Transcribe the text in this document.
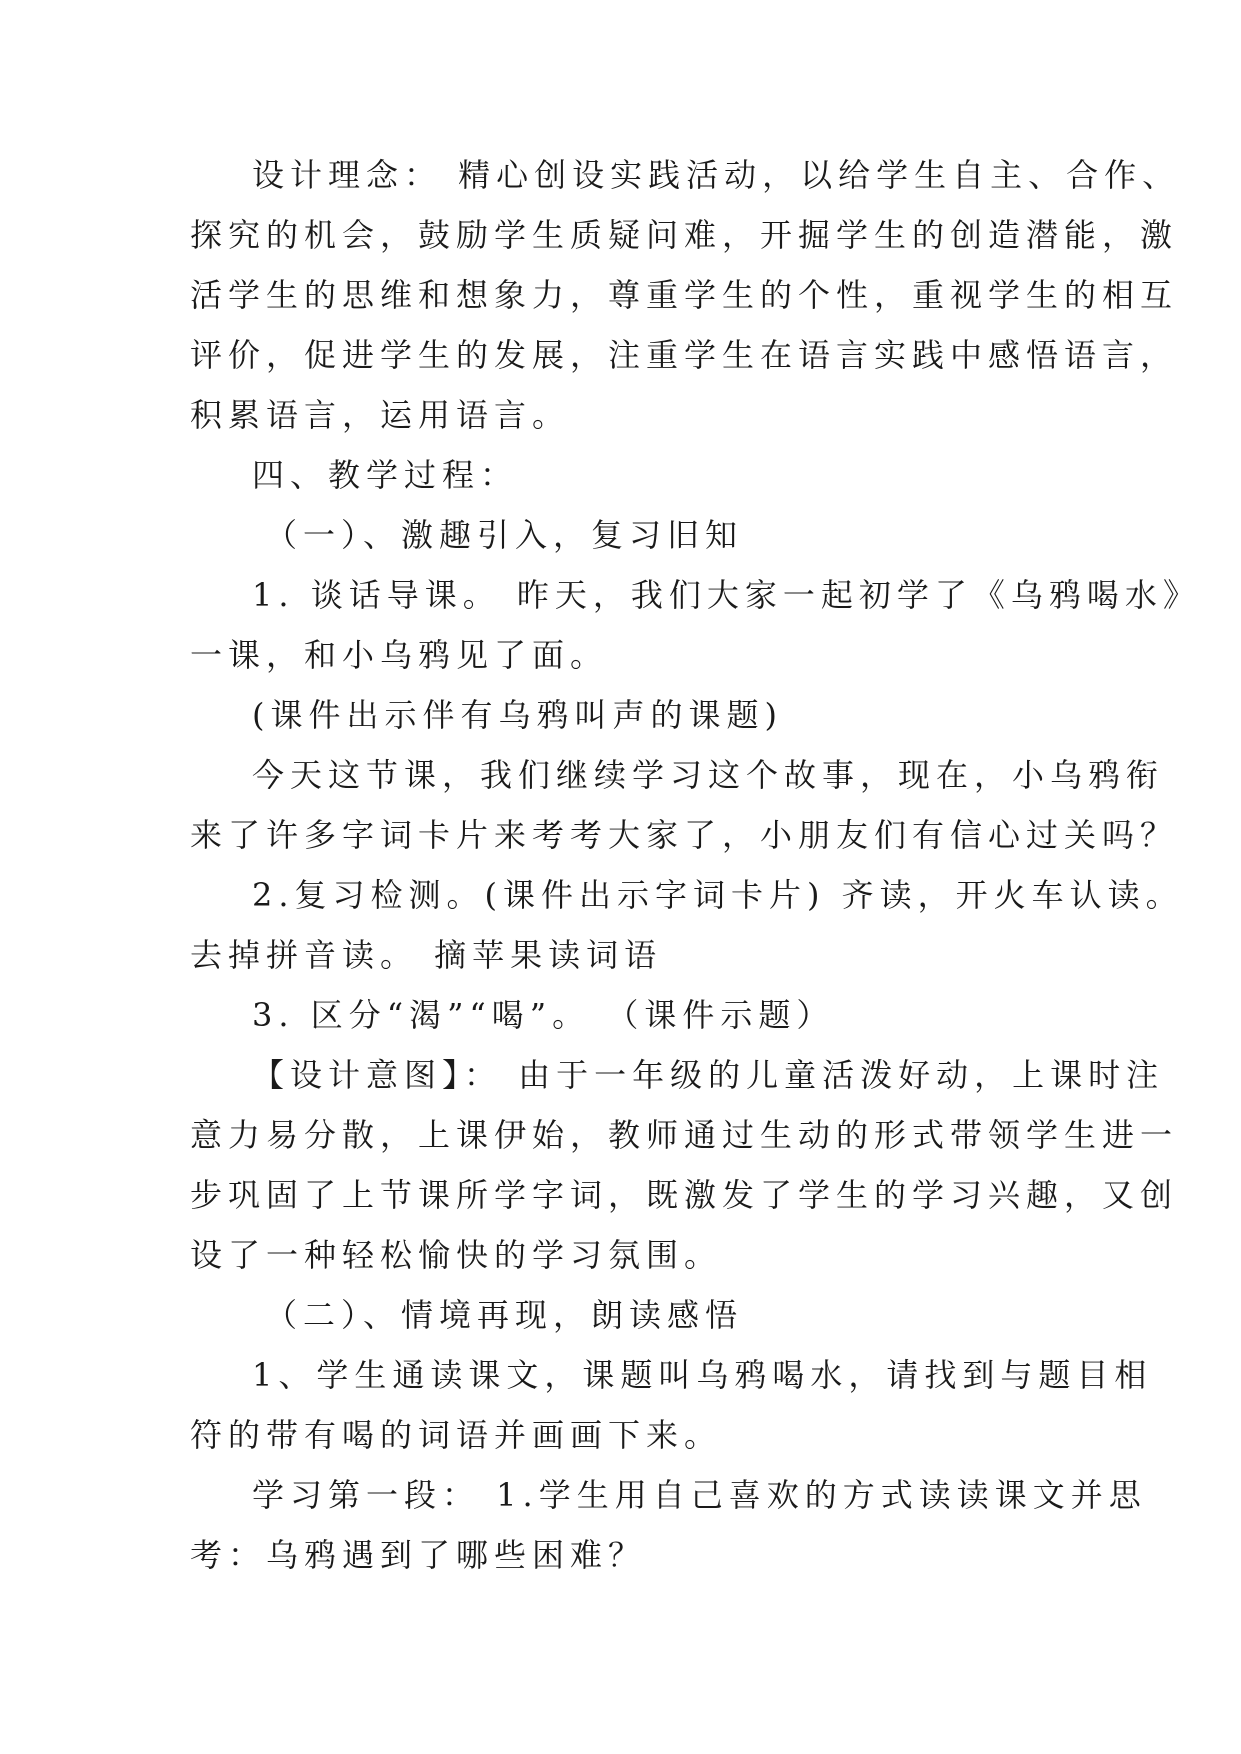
设计理念： 精心创设实践活动，以给学生自主、合作、
探究的机会，鼓励学生质疑问难，开掘学生的创造潜能，激
活学生的思维和想象力，尊重学生的个性，重视学生的相互
评价，促进学生的发展，注重学生在语言实践中感悟语言，
积累语言，运用语言。
四、教学过程：
（一）、激趣引入，复习旧知
1. 谈话导课。 昨天，我们大家一起初学了《乌鸦喝水》
一课，和小乌鸦见了面。
(课件出示伴有乌鸦叫声的课题)
今天这节课，我们继续学习这个故事，现在，小乌鸦衔
来了许多字词卡片来考考大家了，小朋友们有信心过关吗？
2.复习检测。(课件出示字词卡片) 齐读，开火车认读。
去掉拼音读。 摘苹果读词语
3. 区分“渴”“喝”。 （课件示题）
【设计意图】： 由于一年级的儿童活泼好动，上课时注
意力易分散，上课伊始，教师通过生动的形式带领学生进一
步巩固了上节课所学字词，既激发了学生的学习兴趣，又创
设了一种轻松愉快的学习氛围。
（二）、情境再现，朗读感悟
1、学生通读课文，课题叫乌鸦喝水，请找到与题目相
符的带有喝的词语并画画下来。
学习第一段： 1.学生用自己喜欢的方式读读课文并思
考：乌鸦遇到了哪些困难？
